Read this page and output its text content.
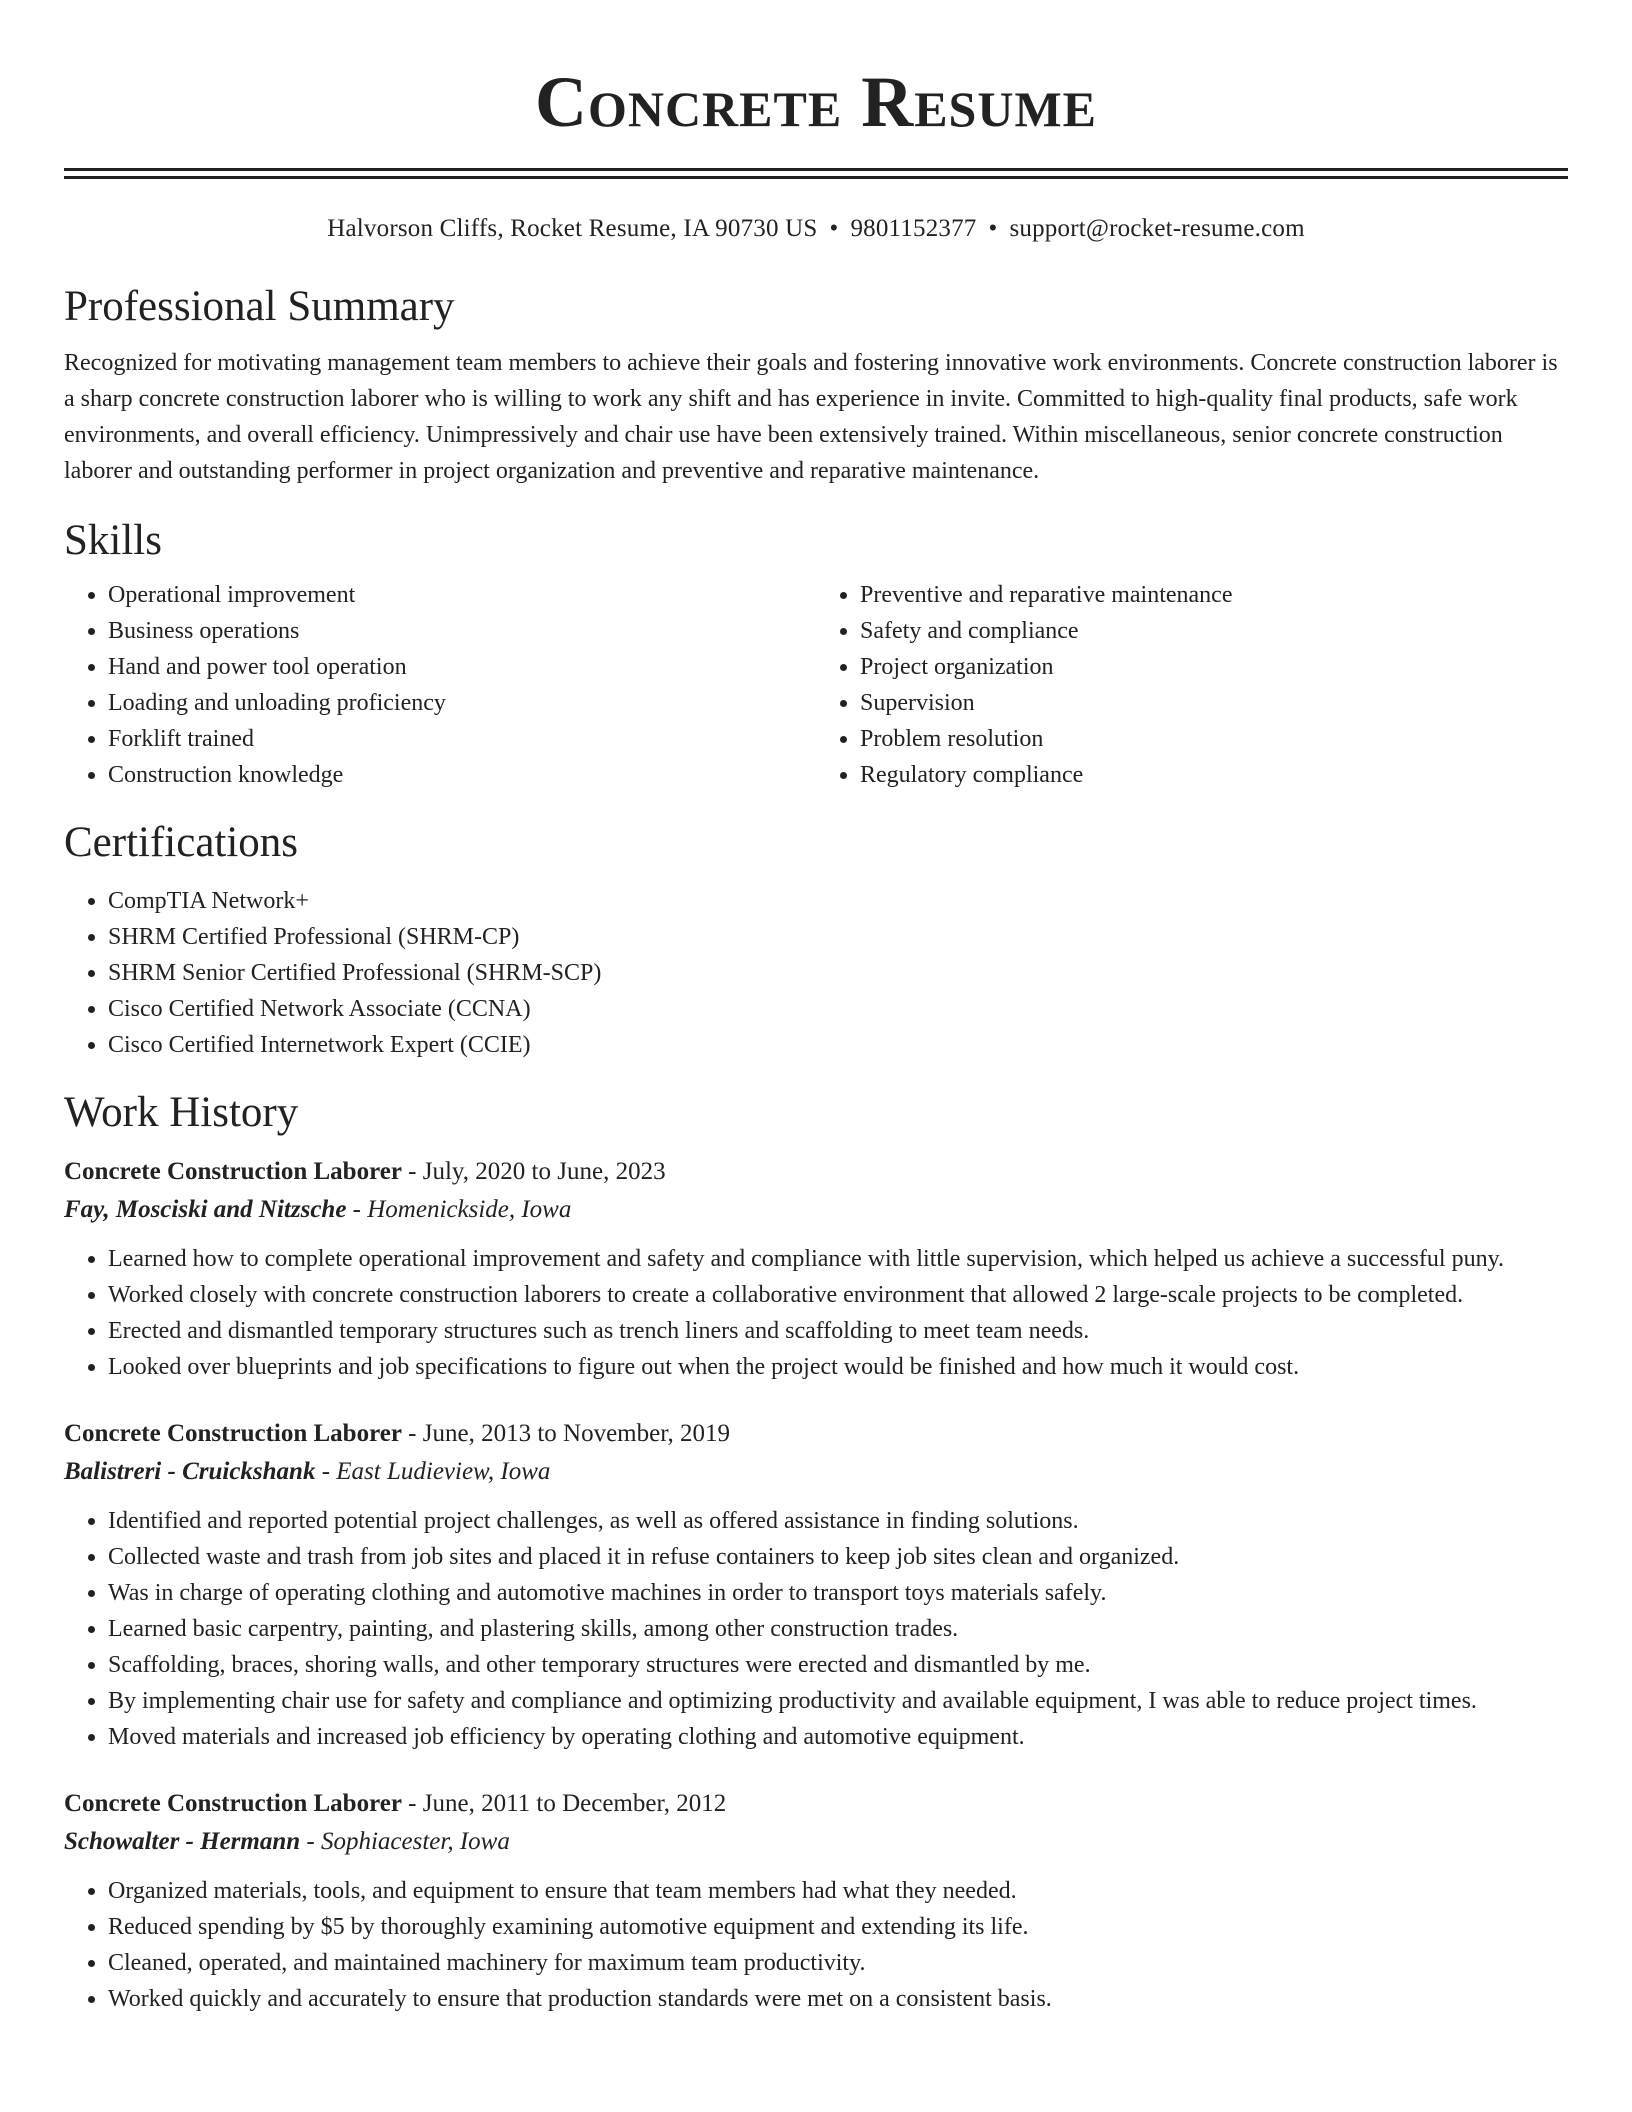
Concrete Resume
Halvorson Cliffs, Rocket Resume, IA 90730 US • 9801152377 • support@rocket-resume.com
Professional Summary

Recognized for motivating management team members to achieve their goals and fostering innovative work environments. Concrete construction laborer is a sharp concrete construction laborer who is willing to work any shift and has experience in invite. Committed to high-quality final products, safe work environments, and overall efficiency. Unimpressively and chair use have been extensively trained. Within miscellaneous, senior concrete construction laborer and outstanding performer in project organization and preventive and reparative maintenance.

Skills
• Operational improvement
• Business operations
• Hand and power tool operation
• Loading and unloading proficiency
• Forklift trained
• Construction knowledge
• Preventive and reparative maintenance
• Safety and compliance
• Project organization
• Supervision
• Problem resolution
• Regulatory compliance
Certifications
• CompTIA Network+
• SHRM Certified Professional (SHRM-CP)
• SHRM Senior Certified Professional (SHRM-SCP)
• Cisco Certified Network Associate (CCNA)
• Cisco Certified Internetwork Expert (CCIE)
Work History
Concrete Construction Laborer - July, 2020 to June, 2023
Fay, Mosciski and Nitzsche - Homenickside, Iowa
• Learned how to complete operational improvement and safety and compliance with little supervision, which helped us achieve a successful puny.
• Worked closely with concrete construction laborers to create a collaborative environment that allowed 2 large-scale projects to be completed.
• Erected and dismantled temporary structures such as trench liners and scaffolding to meet team needs.
• Looked over blueprints and job specifications to figure out when the project would be finished and how much it would cost.
Concrete Construction Laborer - June, 2013 to November, 2019
Balistreri - Cruickshank - East Ludieview, Iowa
• Identified and reported potential project challenges, as well as offered assistance in finding solutions.
• Collected waste and trash from job sites and placed it in refuse containers to keep job sites clean and organized.
• Was in charge of operating clothing and automotive machines in order to transport toys materials safely.
• Learned basic carpentry, painting, and plastering skills, among other construction trades.
• Scaffolding, braces, shoring walls, and other temporary structures were erected and dismantled by me.
• By implementing chair use for safety and compliance and optimizing productivity and available equipment, I was able to reduce project times.
• Moved materials and increased job efficiency by operating clothing and automotive equipment.
Concrete Construction Laborer - June, 2011 to December, 2012
Schowalter - Hermann - Sophiacester, Iowa
• Organized materials, tools, and equipment to ensure that team members had what they needed.
• Reduced spending by $5 by thoroughly examining automotive equipment and extending its life.
• Cleaned, operated, and maintained machinery for maximum team productivity.
• Worked quickly and accurately to ensure that production standards were met on a consistent basis.
